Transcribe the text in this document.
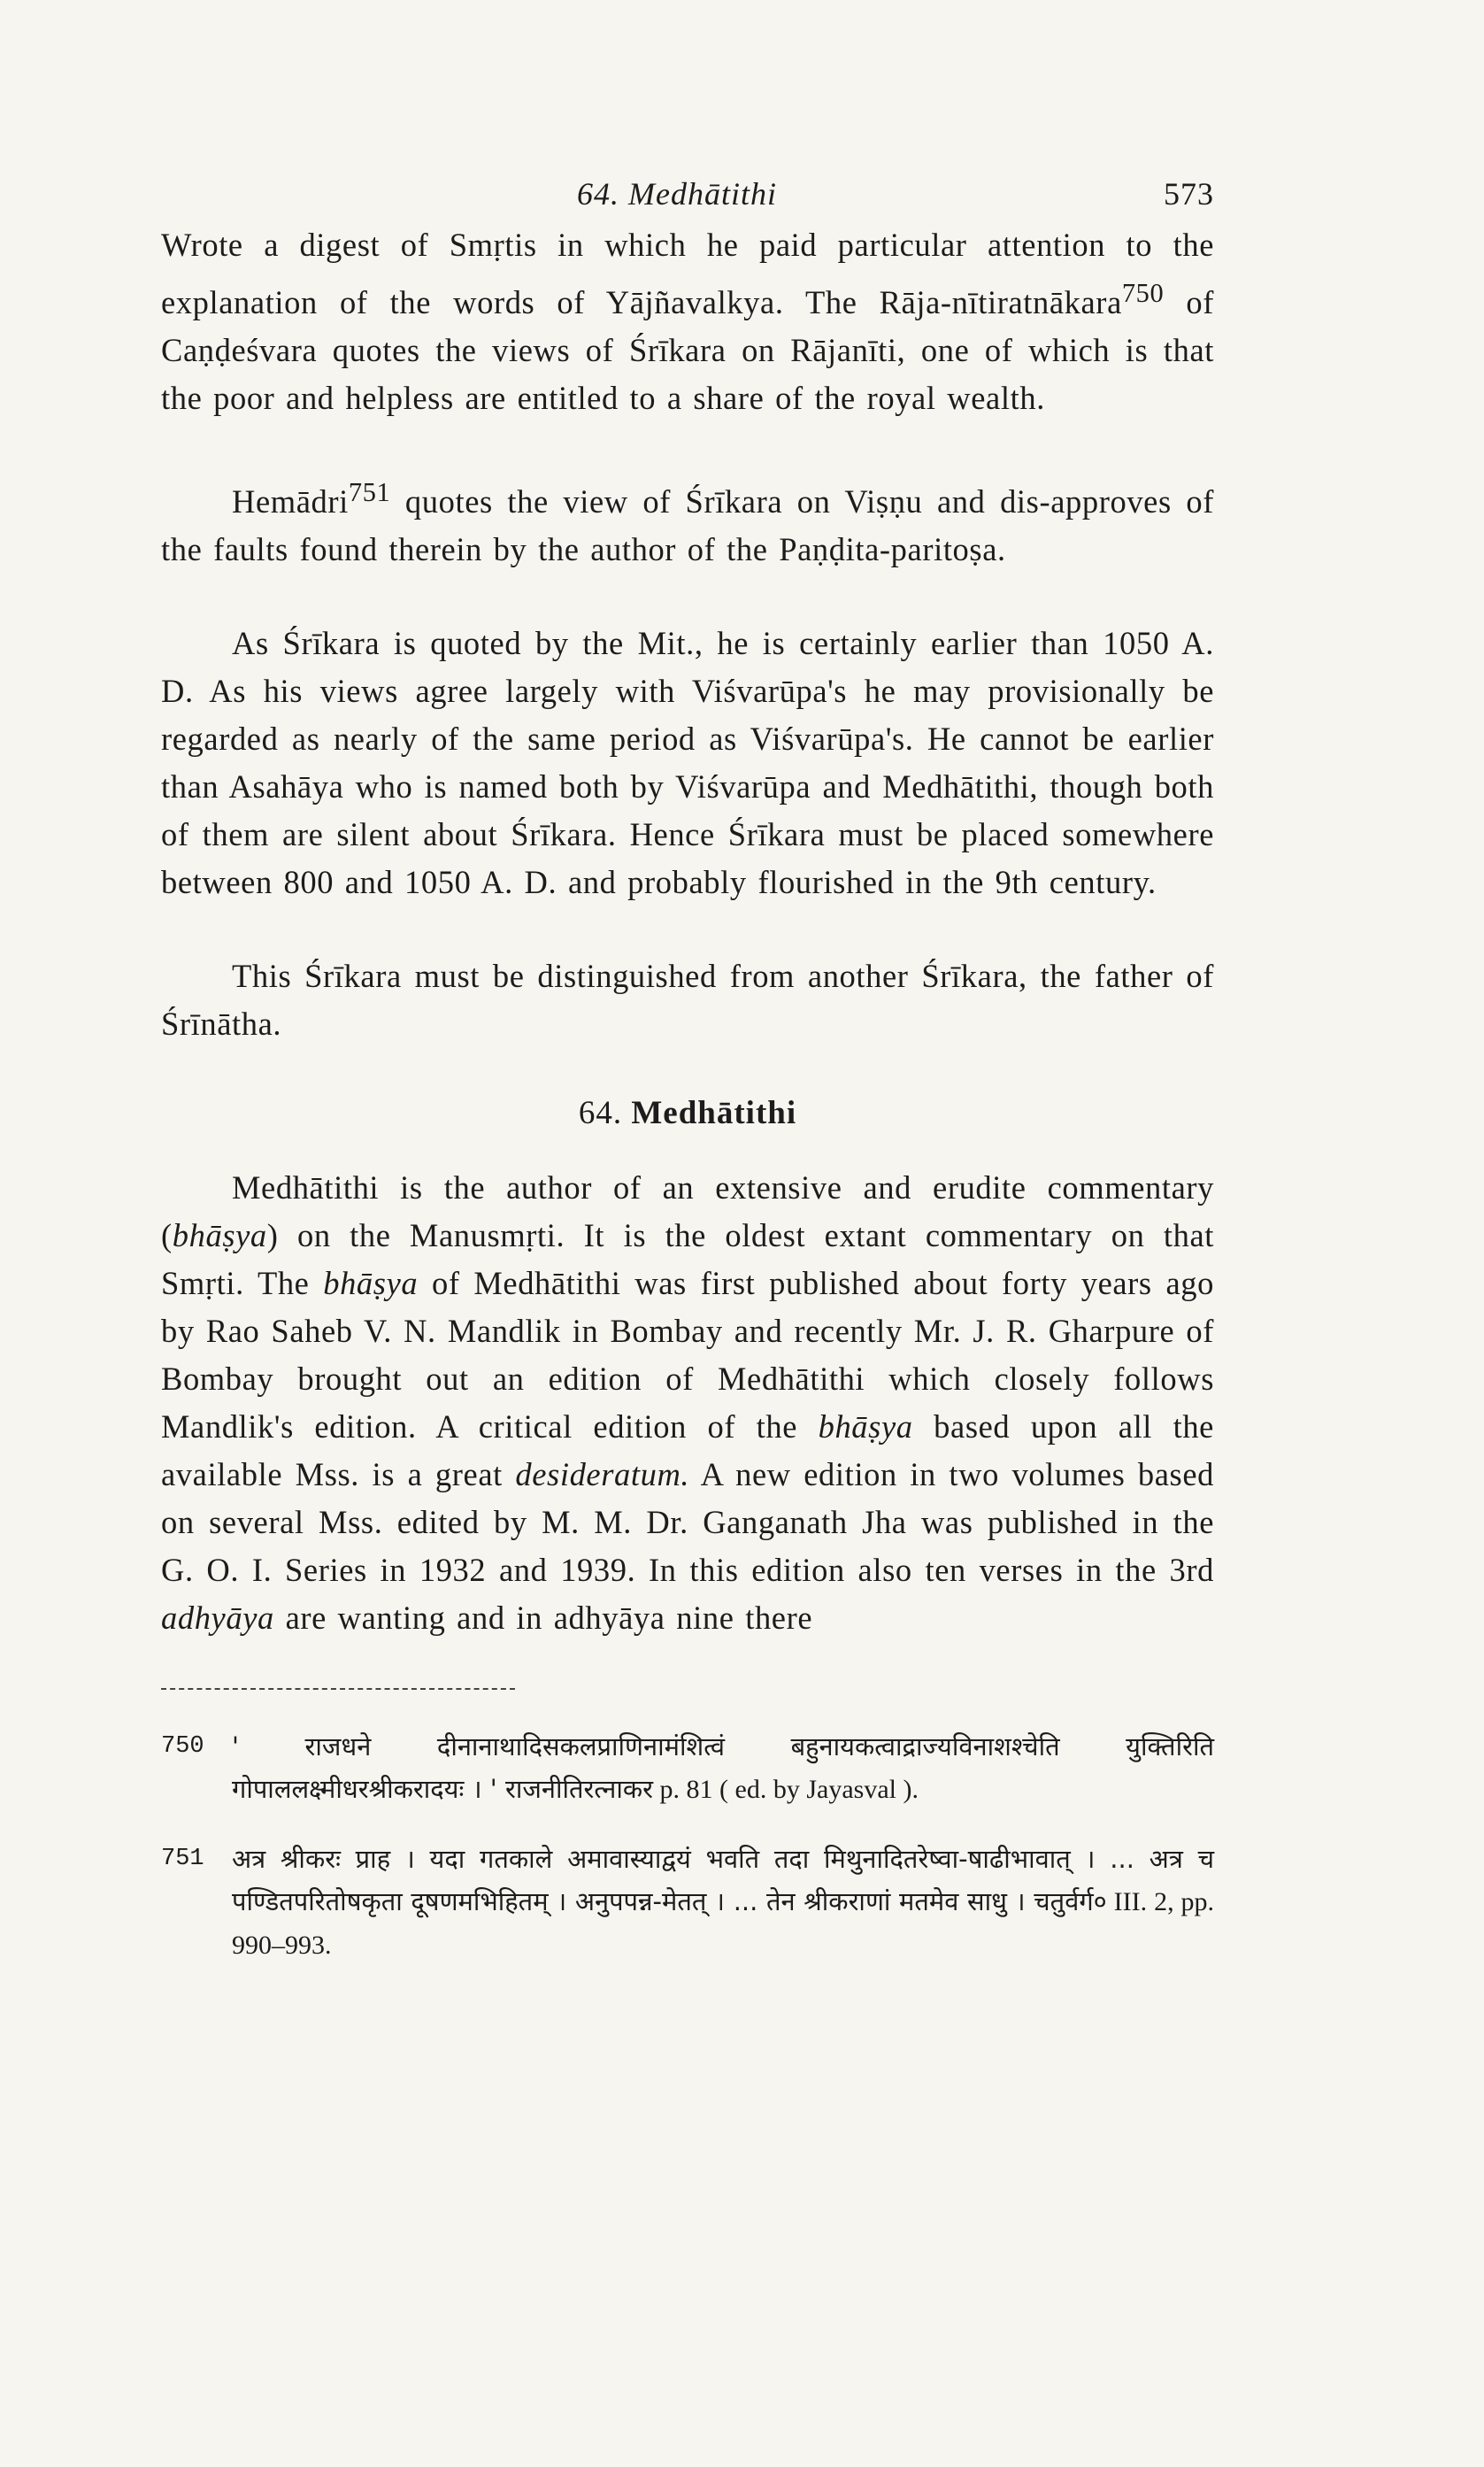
64. Medhātithi	573

Wrote a digest of Smṛtis in which he paid particular attention to the explanation of the words of Yājñavalkya. The Rāja-nītiratnākara$^{750}$ of Caṇḍeśvara quotes the views of Śrīkara on Rājanīti, one of which is that the poor and helpless are entitled to a share of the royal wealth.

Hemādri$^{751}$ quotes the view of Śrīkara on Viṣṇu and dis-approves of the faults found therein by the author of the Paṇḍita-paritoṣa.

As Śrīkara is quoted by the Mit., he is certainly earlier than 1050 A. D. As his views agree largely with Viśvarūpa's he may provisionally be regarded as nearly of the same period as Viśvarūpa's. He cannot be earlier than Asahāya who is named both by Viśvarūpa and Medhātithi, though both of them are silent about Śrīkara. Hence Śrīkara must be placed somewhere between 800 and 1050 A. D. and probably flourished in the 9th century.

This Śrīkara must be distinguished from another Śrīkara, the father of Śrīnātha.

64. Medhātithi

Medhātithi is the author of an extensive and erudite commentary (bhāṣya) on the Manusmṛti. It is the oldest extant commentary on that Smṛti. The bhāṣya of Medhātithi was first published about forty years ago by Rao Saheb V. N. Mandlik in Bombay and recently Mr. J. R. Gharpure of Bombay brought out an edition of Medhātithi which closely follows Mandlik's edition. A critical edition of the bhāṣya based upon all the available Mss. is a great desideratum. A new edition in two volumes based on several Mss. edited by M. M. Dr. Ganganath Jha was published in the G. O. I. Series in 1932 and 1939. In this edition also ten verses in the 3rd adhyāya are wanting and in adhyāya nine there

750	' राजधने दीनानाथादिसकलप्राणिनामंशित्वं बहुनायकत्वाद्राज्यविनाशश्चेति युक्तिरिति गोपाललक्ष्मीधरश्रीकरादयः । ' राजनीतिरत्नाकर p. 81 ( ed. by Jayasval ).
751	अत्र श्रीकरः प्राह । यदा गतकाले अमावास्याद्वयं भवति तदा मिथुनादितरेष्वा-षाढीभावात् । ... अत्र च पण्डितपरितोषकृता दूषणमभिहितम् । अनुपपन्न-मेतत् । ... तेन श्रीकराणां मतमेव साधु । चतुर्वर्ग० III. 2, pp. 990–993.
